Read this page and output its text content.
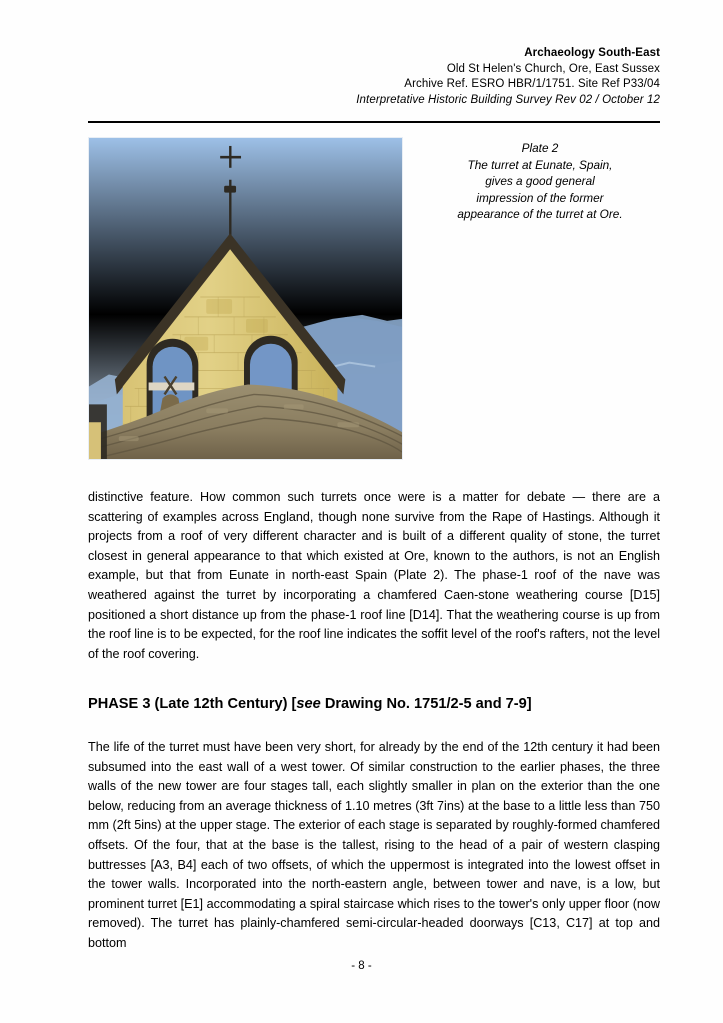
Archaeology South-East
Old St Helen's Church, Ore, East Sussex
Archive Ref. ESRO HBR/1/1751. Site Ref P33/04
Interpretative Historic Building Survey Rev 02 / October 12
Plate 2
The turret at Eunate, Spain,
gives a good general
impression of the former
appearance of the turret at Ore.
distinctive feature. How common such turrets once were is a matter for debate — there are a scattering of examples across England, though none survive from the Rape of Hastings. Although it projects from a roof of very different character and is built of a different quality of stone, the turret closest in general appearance to that which existed at Ore, known to the authors, is not an English example, but that from Eunate in north-east Spain (Plate 2). The phase-1 roof of the nave was weathered against the turret by incorporating a chamfered Caen-stone weathering course [D15] positioned a short distance up from the phase-1 roof line [D14]. That the weathering course is up from the roof line is to be expected, for the roof line indicates the soffit level of the roof's rafters, not the level of the roof covering.
PHASE 3 (Late 12th Century) [see Drawing No. 1751/2-5 and 7-9]
The life of the turret must have been very short, for already by the end of the 12th century it had been subsumed into the east wall of a west tower. Of similar construction to the earlier phases, the three walls of the new tower are four stages tall, each slightly smaller in plan on the exterior than the one below, reducing from an average thickness of 1.10 metres (3ft 7ins) at the base to a little less than 750 mm (2ft 5ins) at the upper stage. The exterior of each stage is separated by roughly-formed chamfered offsets. Of the four, that at the base is the tallest, rising to the head of a pair of western clasping buttresses [A3, B4] each of two offsets, of which the uppermost is integrated into the lowest offset in the tower walls. Incorporated into the north-eastern angle, between tower and nave, is a low, but prominent turret [E1] accommodating a spiral staircase which rises to the tower's only upper floor (now removed). The turret has plainly-chamfered semi-circular-headed doorways [C13, C17] at top and bottom
- 8 -
